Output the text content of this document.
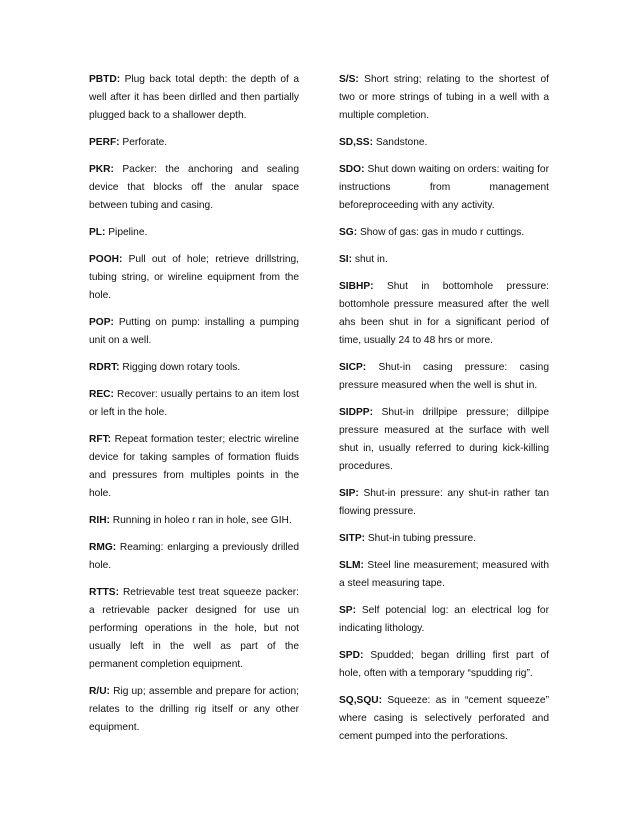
PBTD: Plug back total depth: the depth of a well after it has been dirlled and then partially plugged back to a shallower depth.

PERF: Perforate.

PKR: Packer: the anchoring and sealing device that blocks off the anular space between tubing and casing.

PL: Pipeline.

POOH: Pull out of hole; retrieve drillstring, tubing string, or wireline equipment from the hole.

POP: Putting on pump: installing a pumping unit on a well.

RDRT: Rigging down rotary tools.

REC: Recover: usually pertains to an item lost or left in the hole.

RFT: Repeat formation tester; electric wireline device for taking samples of formation fluids and pressures from multiples points in the hole.

RIH: Running in holeo r ran in hole, see GIH.

RMG: Reaming: enlarging a previously drilled hole.

RTTS: Retrievable test treat squeeze packer: a retrievable packer designed for use un performing operations in the hole, but not usually left in the well as part of the permanent completion equipment.

R/U: Rig up; assemble and prepare for action; relates to the drilling rig itself or any other equipment.

S/S: Short string; relating to the shortest of two or more strings of tubing in a well with a multiple completion.

SD,SS: Sandstone.

SDO: Shut down waiting on orders: waiting for instructions from management beforeproceeding with any activity.

SG: Show of gas: gas in mudo r cuttings.

SI: shut in.

SIBHP: Shut in bottomhole pressure: bottomhole pressure measured after the well ahs been shut in for a significant period of time, usually 24 to 48 hrs or more.

SICP: Shut-in casing pressure: casing pressure measured when the well is shut in.

SIDPP: Shut-in drillpipe pressure; dillpipe pressure measured at the surface with well shut in, usually referred to during kick-killing procedures.

SIP: Shut-in pressure: any shut-in rather tan flowing pressure.

SITP: Shut-in tubing pressure.

SLM: Steel line measurement; measured with a steel measuring tape.

SP: Self potencial log: an electrical log for indicating lithology.

SPD: Spudded; began drilling first part of hole, often with a temporary “spudding rig”.

SQ,SQU: Squeeze: as in “cement squeeze” where casing is selectively perforated and cement pumped into the perforations.
